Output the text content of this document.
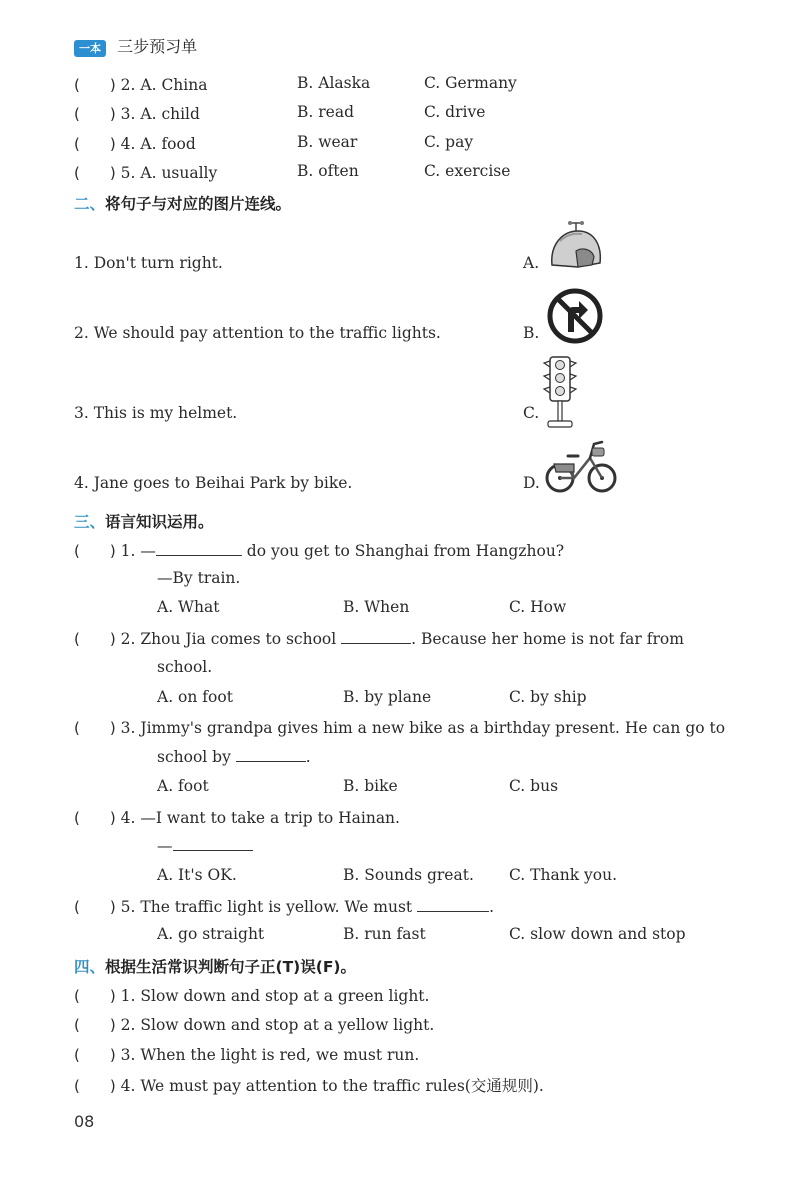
一本 三步预习单
(　　) 2. A. China	B. Alaska	C. Germany
(　　) 3. A. child	B. read	C. drive
(　　) 4. A. food	B. wear	C. pay
(　　) 5. A. usually	B. often	C. exercise
二、将句子与对应的图片连线。
1. Don't turn right.
2. We should pay attention to the traffic lights.
3. This is my helmet.
4. Jane goes to Beihai Park by bike.
A.
B.
C.
D.
三、语言知识运用。
(　　) 1. —	do you get to Shanghai from Hangzhou?
—By train.
A. What	B. When	C. How
(　　) 2. Zhou Jia comes to school	. Because her home is not far from
school.
A. on foot	B. by plane	C. by ship
(　　) 3. Jimmy's grandpa gives him a new bike as a birthday present. He can go to
school by	.
A. foot	B. bike	C. bus
(　　) 4. —I want to take a trip to Hainan.
—
A. It's OK.	B. Sounds great. C. Thank you.
(　　) 5. The traffic light is yellow. We must	.
A. go straight	B. run fast	C. slow down and stop
四、根据生活常识判断句子正(T)误(F)。
(　　) 1. Slow down and stop at a green light.
(　　) 2. Slow down and stop at a yellow light.
(　　) 3. When the light is red, we must run.
(　　) 4. We must pay attention to the traffic rules(交通规则).
08
